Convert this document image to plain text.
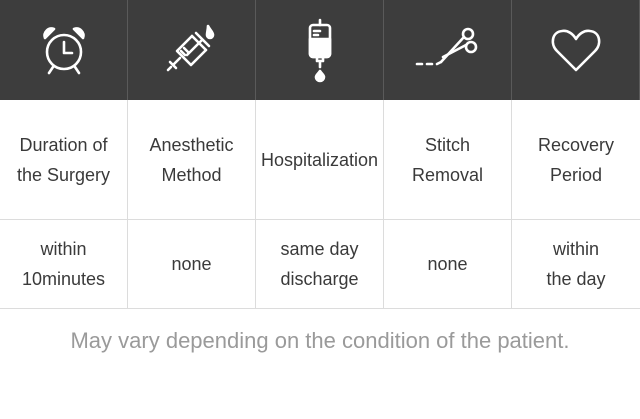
Duration of
the Surgery
Anesthetic
Method
Hospitalization
Stitch
Removal
Recovery
Period
within
10minutes
none
same day
discharge
none
within
the day
May vary depending on the condition of the patient.
